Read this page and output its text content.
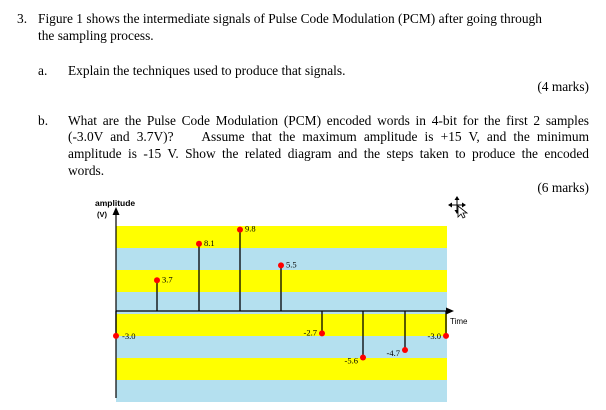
3. Figure 1 shows the intermediate signals of Pulse Code Modulation (PCM) after going through
the sampling process.
a. Explain the techniques used to produce that signals.
(4 marks)
b. What are the Pulse Code Modulation (PCM) encoded words in 4-bit for the first 2 samples
(-3.0V and 3.7V)?    Assume that the maximum amplitude is +15 V, and the minimum
amplitude is -15 V. Show the related diagram and the steps taken to produce the encoded
words.
(6 marks)
amplitude
(V)
Time
-3.0
3.7
8.1
9.8
5.5
-2.7
-5.6
-4.7
-3.0
